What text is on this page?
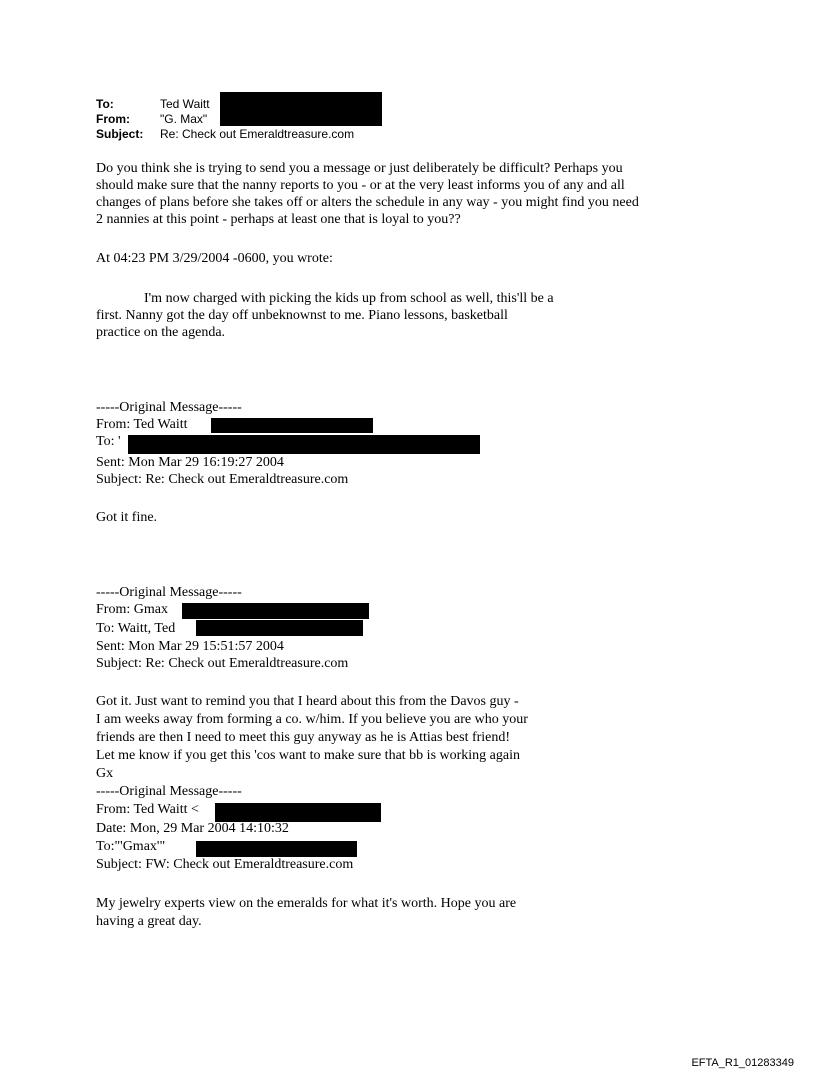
To:	Ted Waitt
From:	"G. Max"
Subject: Re: Check out Emeraldtreasure.com
Do you think she is trying to send you a message or just deliberately be difficult? Perhaps you
should make sure that the nanny reports to you - or at the very least informs you of any and all
changes of plans before she takes off or alters the schedule in any way - you might find you need
2 nannies at this point - perhaps at least one that is loyal to you??
At 04:23 PM 3/29/2004 -0600, you wrote:
I'm now charged with picking the kids up from school as well, this'll be a
first. Nanny got the day off unbeknownst to me. Piano lessons, basketball
practice on the agenda.
-----Original Message-----
From: Ted Waitt
To: '
Sent: Mon Mar 29 16:19:27 2004
Subject: Re: Check out Emeraldtreasure.com
Got it fine.
-----Original Message-----
From: Gmax
To: Waitt, Ted
Sent: Mon Mar 29 15:51:57 2004
Subject: Re: Check out Emeraldtreasure.com
Got it. Just want to remind you that I heard about this from the Davos guy -
I am weeks away from forming a co. w/him. If you believe you are who your
friends are then I need to meet this guy anyway as he is Attias best friend!
Let me know if you get this 'cos want to make sure that bb is working again
Gx
-----Original Message-----
From: Ted Waitt <
Date: Mon, 29 Mar 2004 14:10:32
To:"'Gmax'"
Subject: FW: Check out Emeraldtreasure.com
My jewelry experts view on the emeralds for what it's worth. Hope you are
having a great day.
EFTA_R1_01283349
